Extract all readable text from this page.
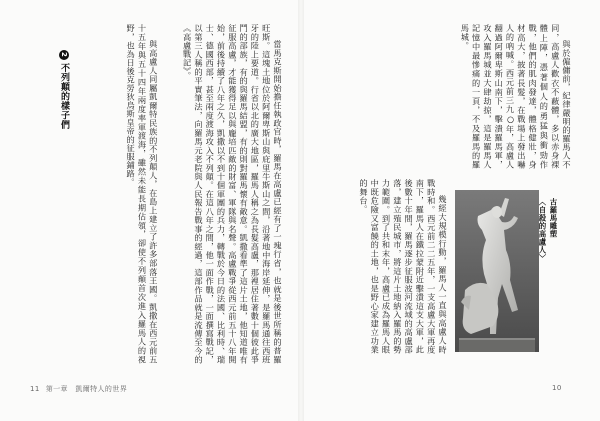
與於僱傭前，紀律嚴明的羅馬人不同，高盧人歡衣不蔽體，多以赤身裸體上陣，憑著個人的勇猛與衝勁作戰，他們的肌肉發達，體格健壯，身材高大，披著長髮，在戰場上發出嚇人的吶喊。西元前三九○年，高盧人翻過阿爾卑斯山南下，擊潰羅馬軍，攻入羅馬城並大肆劫掠，這是羅馬人記憶中最慘痛的一頁，不及羅馬的羅馬城。

幾經大規模行動，羅馬人一直與高盧人時戰時和。西元前二二五年，一支高盧大軍再度南下，羅馬人在鐵拉蒙附近擊潰這支大軍，此後數十年間，羅馬逐步征服波河流域的高盧部落，建立殖民城市，將這片土地納入羅馬的勢力範圍。到了共和末年，高盧已成為羅馬人眼中既危險又富饒的土地，也是野心家建立功業的舞台。

古羅馬雕塑
〈自殺的高盧人〉

當馬克斯開始擔任執政官時，羅馬在高盧已經有了一塊行省，也就是後世所稱的普羅旺斯。這塊土地位於阿爾卑斯山與庇里牛斯山之間，沿著地中海岸延伸，是羅馬通往西班牙的陸上要道。行省以北的廣大地區，羅馬人稱之為長髮高盧，那裡居住著數十個彼此爭鬥的部族，有的與羅馬結盟，有的則對羅馬懷有敵意。凱撒看準了這片土地，他知道唯有征服高盧，才能獲得足以與龐培匹敵的財富、軍隊與名聲。高盧戰爭從西元前五十八年開始，前後持續了八年之久，凱撒以不到十個軍團的兵力，轉戰於今日的法國、比利時、瑞士、德國西部，甚至兩度渡海攻入不列顛。在這八年之間，他一面作戰，一面撰寫戰記，以第三人稱的平實筆法，向羅馬元老院與人民報告戰事的經過，這部作品就是流傳至今的《高盧戰記》。

與高盧人同屬凱爾特民族的不列顛人，在島上建立了許多部落王國。凱撒在西元前五十五年與五十四年兩度率軍渡海，雖然未能長期佔領，卻使不列顛首次進入羅馬人的視野，也為日後克勞狄烏斯皇帝的征服鋪路。

2不列顛的樣子們
11 第一章　凱爾特人的世界	10
